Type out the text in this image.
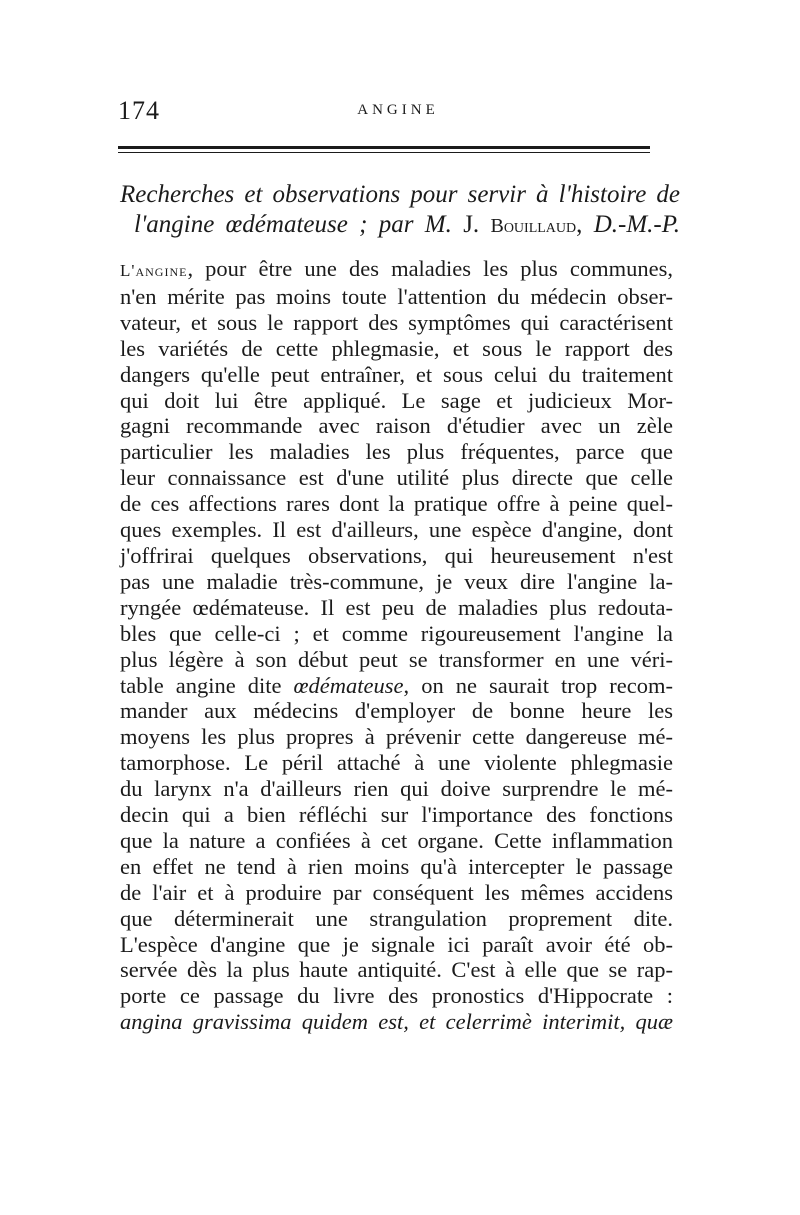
174	ANGINE
Recherches et observations pour servir à l'histoire de
l'angine œdémateuse ; par M. J. Bouillaud, D.-M.-P.
L'angine, pour être une des maladies les plus communes,
n'en mérite pas moins toute l'attention du médecin obser-
vateur, et sous le rapport des symptômes qui caractérisent
les variétés de cette phlegmasie, et sous le rapport des
dangers qu'elle peut entraîner, et sous celui du traitement
qui doit lui être appliqué. Le sage et judicieux Mor-
gagni recommande avec raison d'étudier avec un zèle
particulier les maladies les plus fréquentes, parce que
leur connaissance est d'une utilité plus directe que celle
de ces affections rares dont la pratique offre à peine quel-
ques exemples. Il est d'ailleurs, une espèce d'angine, dont
j'offrirai quelques observations, qui heureusement n'est
pas une maladie très-commune, je veux dire l'angine la-
ryngée œdémateuse. Il est peu de maladies plus redouta-
bles que celle-ci ; et comme rigoureusement l'angine la
plus légère à son début peut se transformer en une véri-
table angine dite œdémateuse, on ne saurait trop recom-
mander aux médecins d'employer de bonne heure les
moyens les plus propres à prévenir cette dangereuse mé-
tamorphose. Le péril attaché à une violente phlegmasie
du larynx n'a d'ailleurs rien qui doive surprendre le mé-
decin qui a bien réfléchi sur l'importance des fonctions
que la nature a confiées à cet organe. Cette inflammation
en effet ne tend à rien moins qu'à intercepter le passage
de l'air et à produire par conséquent les mêmes accidens
que déterminerait une strangulation proprement dite.
L'espèce d'angine que je signale ici paraît avoir été ob-
servée dès la plus haute antiquité. C'est à elle que se rap-
porte ce passage du livre des pronostics d'Hippocrate :
angina gravissima quidem est, et celerrimè interimit, quæ
